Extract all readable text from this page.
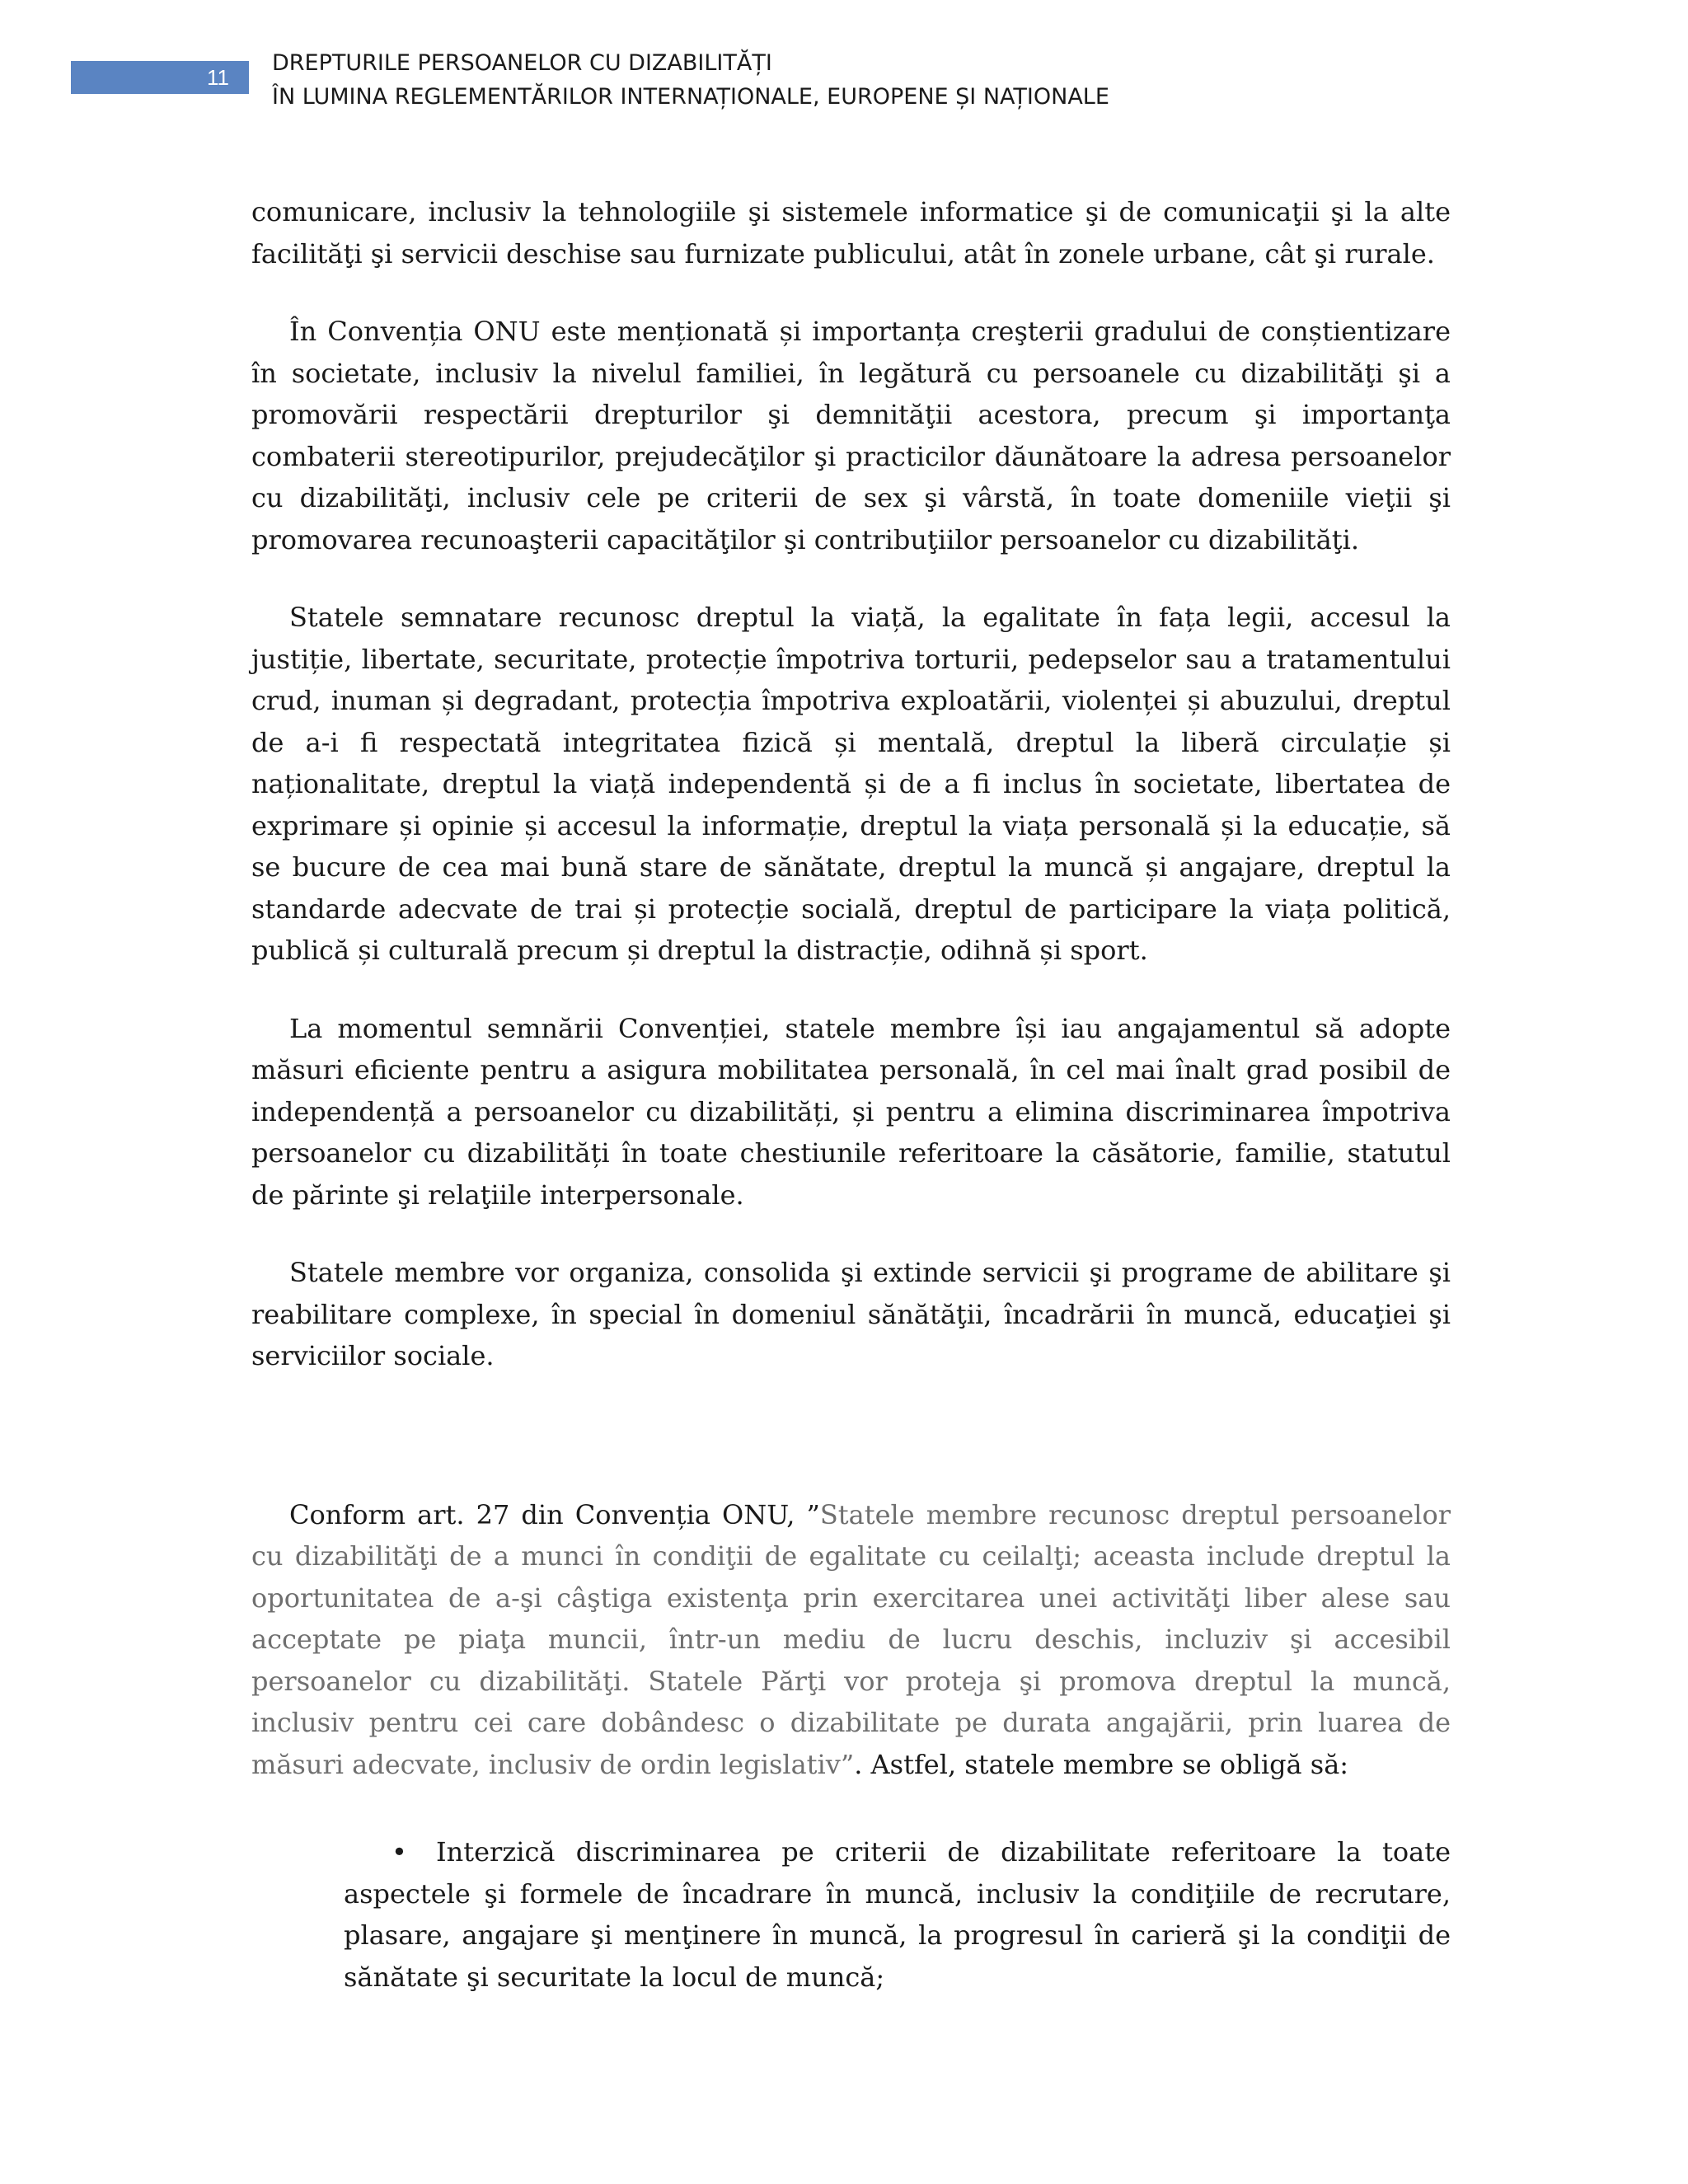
11
DREPTURILE PERSOANELOR CU DIZABILITĂȚI
ÎN LUMINA REGLEMENTĂRILOR INTERNAȚIONALE, EUROPENE ȘI NAȚIONALE

comunicare, inclusiv la tehnologiile şi sistemele informatice şi de comunicaţii şi la alte facilităţi şi servicii deschise sau furnizate publicului, atât în zonele urbane, cât şi rurale.

În Convenția ONU este menționată și importanța creşterii gradului de conștientizare în societate, inclusiv la nivelul familiei, în legătură cu persoanele cu dizabilităţi şi a promovării respectării drepturilor şi demnităţii acestora, precum şi importanţa combaterii stereotipurilor, prejudecăţilor şi practicilor dăunătoare la adresa persoanelor cu dizabilităţi, inclusiv cele pe criterii de sex şi vârstă, în toate domeniile vieţii şi promovarea recunoaşterii capacităţilor şi contribuţiilor persoanelor cu dizabilităţi.

Statele semnatare recunosc dreptul la viață, la egalitate în fața legii, accesul la justiție, libertate, securitate, protecție împotriva torturii, pedepselor sau a tratamentului crud, inuman și degradant, protecția împotriva exploatării, violenței și abuzului, dreptul de a-i fi respectată integritatea fizică și mentală, dreptul la liberă circulație și naționalitate, dreptul la viață independentă și de a fi inclus în societate, libertatea de exprimare și opinie și accesul la informație, dreptul la viața personală și la educație, să se bucure de cea mai bună stare de sănătate, dreptul la muncă și angajare, dreptul la standarde adecvate de trai și protecție socială, dreptul de participare la viața politică, publică și culturală precum și dreptul la distracție, odihnă și sport.

La momentul semnării Convenției, statele membre își iau angajamentul să adopte măsuri eficiente pentru a asigura mobilitatea personală, în cel mai înalt grad posibil de independență a persoanelor cu dizabilități, și pentru a elimina discriminarea împotriva persoanelor cu dizabilități în toate chestiunile referitoare la căsătorie, familie, statutul de părinte şi relaţiile interpersonale.

Statele membre vor organiza, consolida şi extinde servicii şi programe de abilitare şi reabilitare complexe, în special în domeniul sănătăţii, încadrării în muncă, educaţiei şi serviciilor sociale.

Conform art. 27 din Convenția ONU, ”Statele membre recunosc dreptul persoanelor cu dizabilităţi de a munci în condiţii de egalitate cu ceilalţi; aceasta include dreptul la oportunitatea de a-şi câştiga existenţa prin exercitarea unei activităţi liber alese sau acceptate pe piaţa muncii, într-un mediu de lucru deschis, incluziv şi accesibil persoanelor cu dizabilităţi. Statele Părţi vor proteja şi promova dreptul la muncă, inclusiv pentru cei care dobândesc o dizabilitate pe durata angajării, prin luarea de măsuri adecvate, inclusiv de ordin legislativ”. Astfel, statele membre se obligă să:

•	Interzică discriminarea pe criterii de dizabilitate referitoare la toate aspectele şi formele de încadrare în muncă, inclusiv la condiţiile de recrutare, plasare, angajare şi menţinere în muncă, la progresul în carieră şi la condiţii de sănătate şi securitate la locul de muncă;
